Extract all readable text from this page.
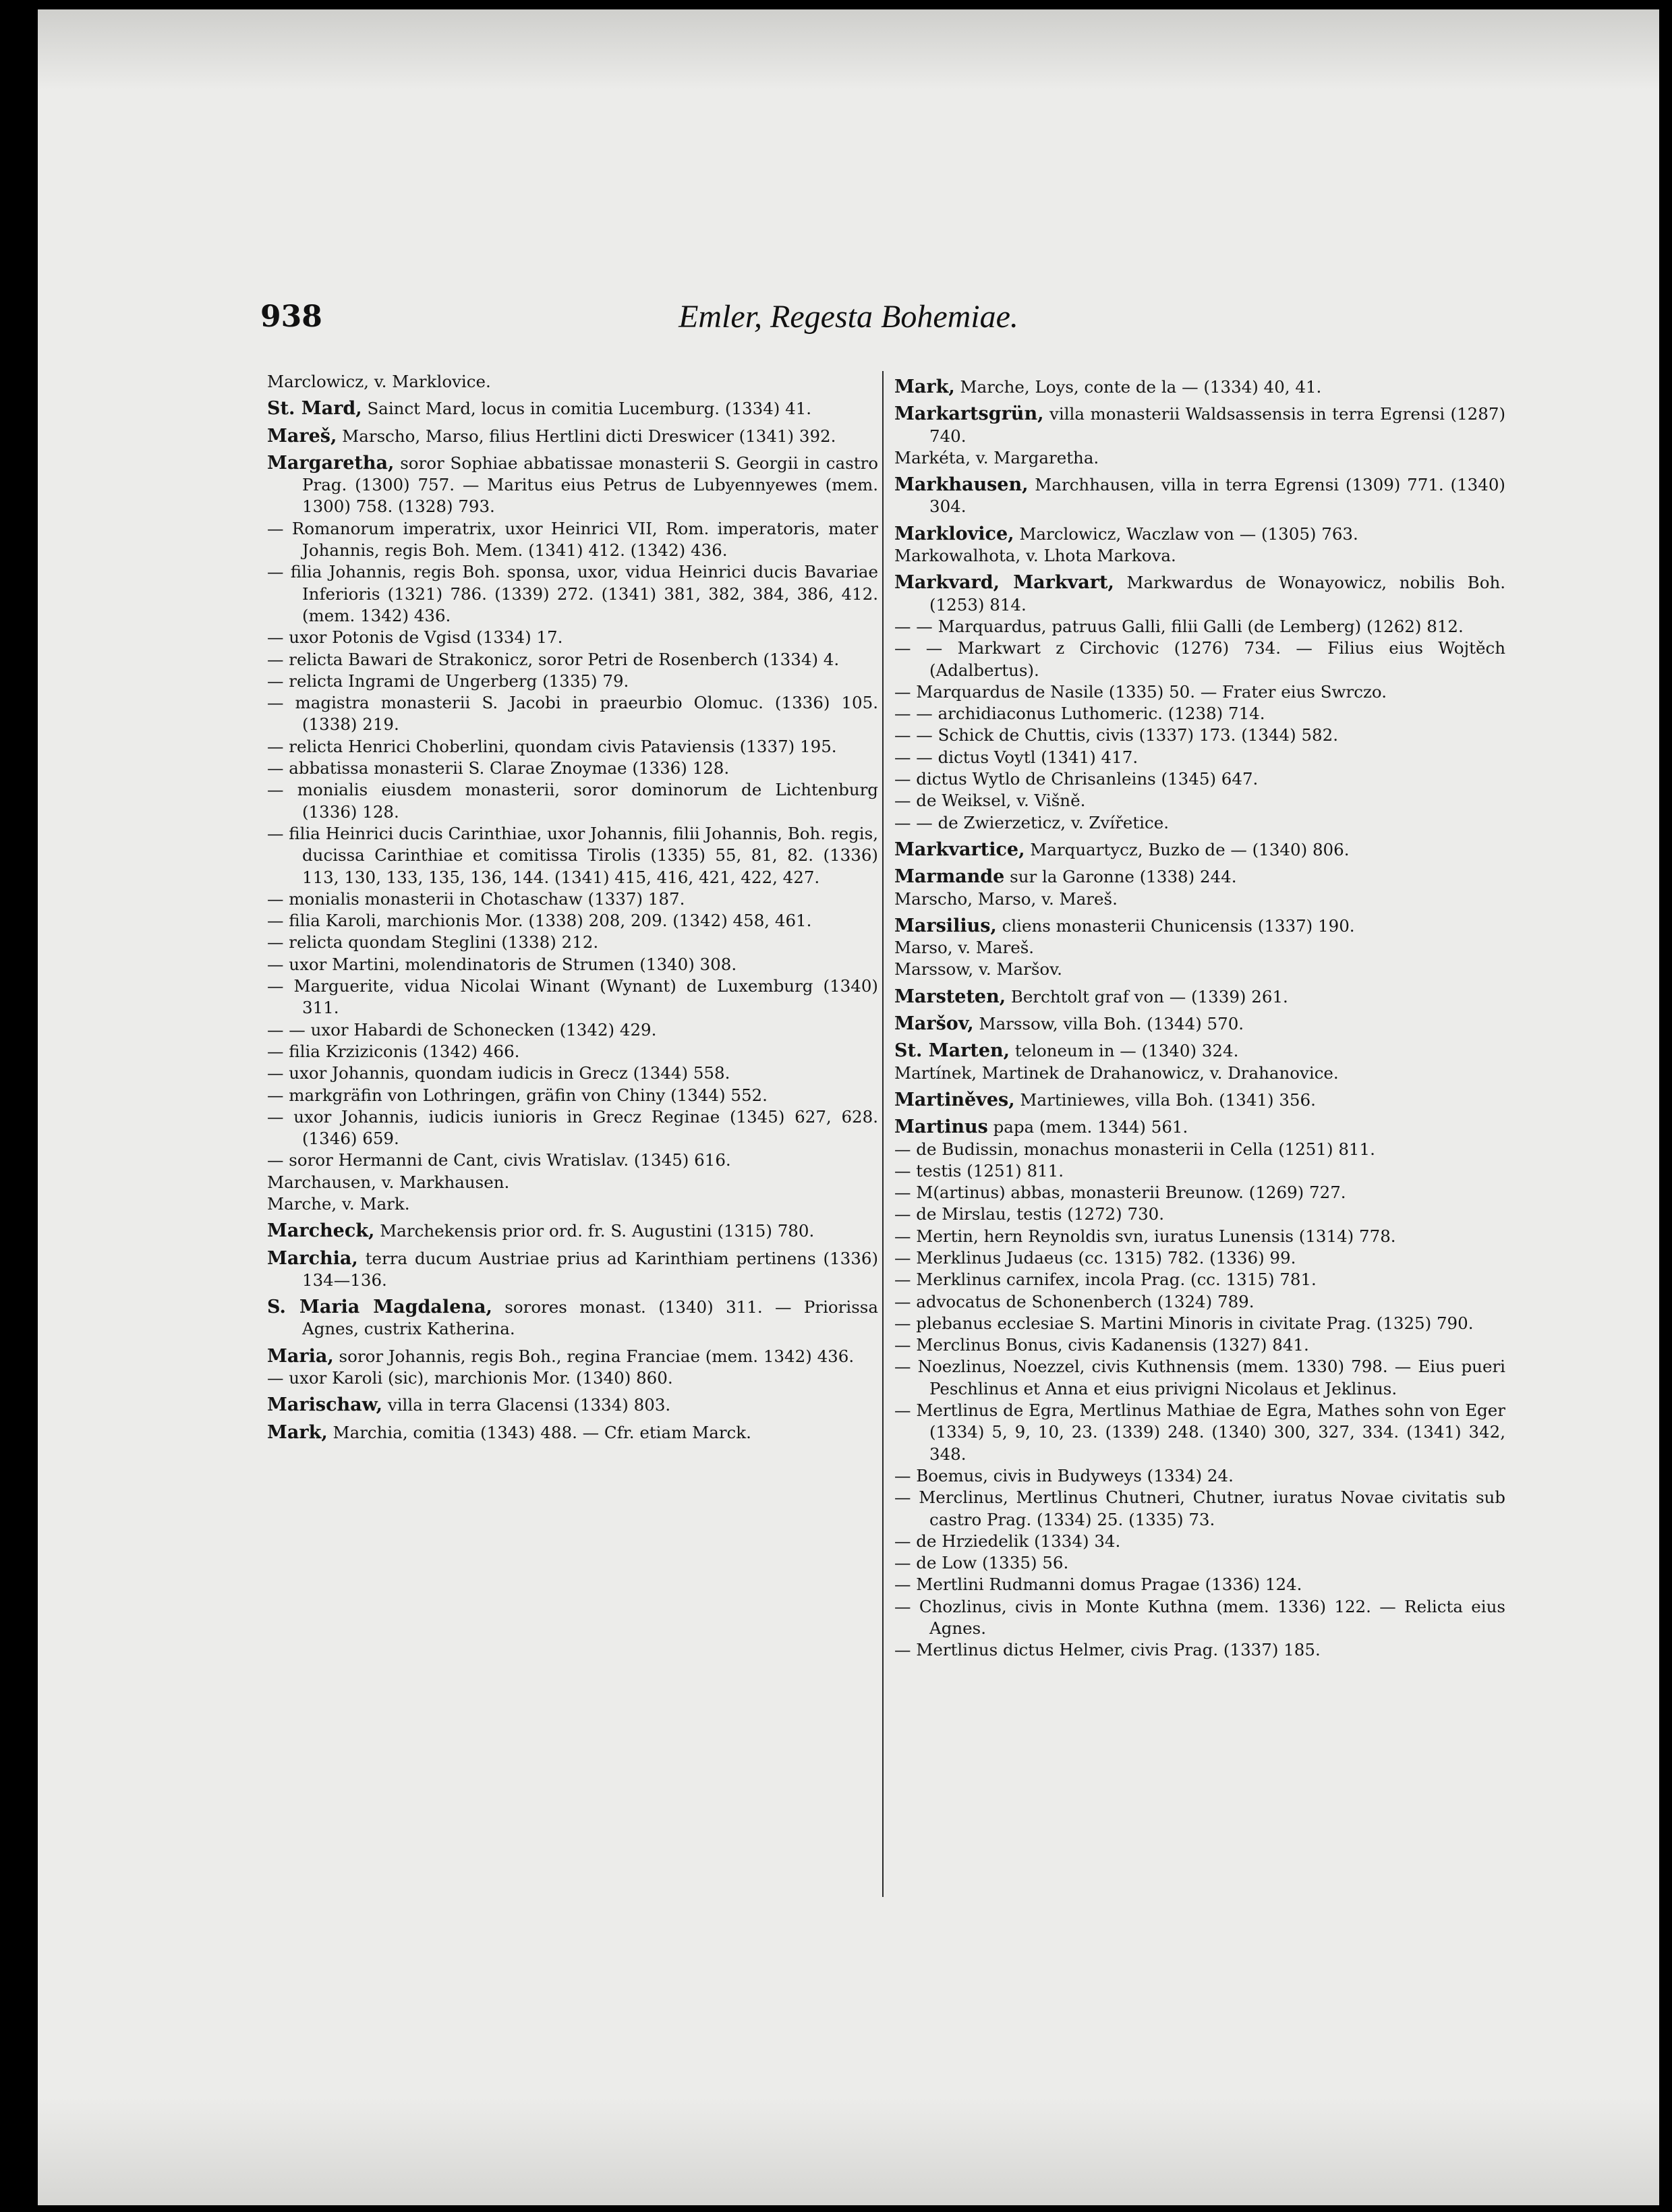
938	Emler, Regesta Bohemiae.

Marclowicz, v. Marklovice.

St. Mard, Sainct Mard, locus in comitia Lucemburg. (1334) 41.

Mareš, Marscho, Marso, filius Hertlini dicti Dreswicer (1341) 392.

Margaretha, soror Sophiae abbatissae monasterii S. Georgii in castro Prag. (1300) 757. — Maritus eius Petrus de Lubyennyewes (mem. 1300) 758. (1328) 793.

— Romanorum imperatrix, uxor Heinrici VII, Rom. imperatoris, mater Johannis, regis Boh. Mem. (1341) 412. (1342) 436.

— filia Johannis, regis Boh. sponsa, uxor, vidua Heinrici ducis Bavariae Inferioris (1321) 786. (1339) 272. (1341) 381, 382, 384, 386, 412. (mem. 1342) 436.

— uxor Potonis de Vgisd (1334) 17.

— relicta Bawari de Strakonicz, soror Petri de Rosenberch (1334) 4.

— relicta Ingrami de Ungerberg (1335) 79.

— magistra monasterii S. Jacobi in praeurbio Olomuc. (1336) 105. (1338) 219.

— relicta Henrici Choberlini, quondam civis Pataviensis (1337) 195.

— abbatissa monasterii S. Clarae Znoymae (1336) 128.

— monialis eiusdem monasterii, soror dominorum de Lichtenburg (1336) 128.

— filia Heinrici ducis Carinthiae, uxor Johannis, filii Johannis, Boh. regis, ducissa Carinthiae et comitissa Tirolis (1335) 55, 81, 82. (1336) 113, 130, 133, 135, 136, 144. (1341) 415, 416, 421, 422, 427.

— monialis monasterii in Chotaschaw (1337) 187.

— filia Karoli, marchionis Mor. (1338) 208, 209. (1342) 458, 461.

— relicta quondam Steglini (1338) 212.

— uxor Martini, molendinatoris de Strumen (1340) 308.

— Marguerite, vidua Nicolai Winant (Wynant) de Luxemburg (1340) 311.

— — uxor Habardi de Schonecken (1342) 429.

— filia Krziziconis (1342) 466.

— uxor Johannis, quondam iudicis in Grecz (1344) 558.

— markgräfin von Lothringen, gräfin von Chiny (1344) 552.

— uxor Johannis, iudicis iunioris in Grecz Reginae (1345) 627, 628. (1346) 659.

— soror Hermanni de Cant, civis Wratislav. (1345) 616.

Marchausen, v. Markhausen.

Marche, v. Mark.

Marcheck, Marchekensis prior ord. fr. S. Augustini (1315) 780.

Marchia, terra ducum Austriae prius ad Karinthiam pertinens (1336) 134—136.

S. Maria Magdalena, sorores monast. (1340) 311. — Priorissa Agnes, custrix Katherina.

Maria, soror Johannis, regis Boh., regina Franciae (mem. 1342) 436.

— uxor Karoli (sic), marchionis Mor. (1340) 860.

Marischaw, villa in terra Glacensi (1334) 803.

Mark, Marchia, comitia (1343) 488. — Cfr. etiam Marck.

Mark, Marche, Loys, conte de la — (1334) 40, 41.

Markartsgrün, villa monasterii Waldsassensis in terra Egrensi (1287) 740.

Markéta, v. Margaretha.

Markhausen, Marchhausen, villa in terra Egrensi (1309) 771. (1340) 304.

Marklovice, Marclowicz, Waczlaw von — (1305) 763.

Markowalhota, v. Lhota Markova.

Markvard, Markvart, Markwardus de Wonayowicz, nobilis Boh. (1253) 814.

— — Marquardus, patruus Galli, filii Galli (de Lemberg) (1262) 812.

— — Markwart z Circhovic (1276) 734. — Filius eius Wojtěch (Adalbertus).

— Marquardus de Nasile (1335) 50. — Frater eius Swrczo.

— — archidiaconus Luthomeric. (1238) 714.

— — Schick de Chuttis, civis (1337) 173. (1344) 582.

— — dictus Voytl (1341) 417.

— dictus Wytlo de Chrisanleins (1345) 647.

— de Weiksel, v. Višně.

— — de Zwierzeticz, v. Zvířetice.

Markvartice, Marquartycz, Buzko de — (1340) 806.

Marmande sur la Garonne (1338) 244.

Marscho, Marso, v. Mareš.

Marsilius, cliens monasterii Chunicensis (1337) 190.

Marso, v. Mareš.

Marssow, v. Maršov.

Marsteten, Berchtolt graf von — (1339) 261.

Maršov, Marssow, villa Boh. (1344) 570.

St. Marten, teloneum in — (1340) 324.

Martínek, Martinek de Drahanowicz, v. Drahanovice.

Martiněves, Martiniewes, villa Boh. (1341) 356.

Martinus papa (mem. 1344) 561.

— de Budissin, monachus monasterii in Cella (1251) 811.

— testis (1251) 811.

— M(artinus) abbas, monasterii Breunow. (1269) 727.

— de Mirslau, testis (1272) 730.

— Mertin, hern Reynoldis svn, iuratus Lunensis (1314) 778.

— Merklinus Judaeus (cc. 1315) 782. (1336) 99.

— Merklinus carnifex, incola Prag. (cc. 1315) 781.

— advocatus de Schonenberch (1324) 789.

— plebanus ecclesiae S. Martini Minoris in civitate Prag. (1325) 790.

— Merclinus Bonus, civis Kadanensis (1327) 841.

— Noezlinus, Noezzel, civis Kuthnensis (mem. 1330) 798. — Eius pueri Peschlinus et Anna et eius privigni Nicolaus et Jeklinus.

— Mertlinus de Egra, Mertlinus Mathiae de Egra, Mathes sohn von Eger (1334) 5, 9, 10, 23. (1339) 248. (1340) 300, 327, 334. (1341) 342, 348.

— Boemus, civis in Budyweys (1334) 24.

— Merclinus, Mertlinus Chutneri, Chutner, iuratus Novae civitatis sub castro Prag. (1334) 25. (1335) 73.

— de Hrziedelik (1334) 34.

— de Low (1335) 56.

— Mertlini Rudmanni domus Pragae (1336) 124.

— Chozlinus, civis in Monte Kuthna (mem. 1336) 122. — Relicta eius Agnes.

— Mertlinus dictus Helmer, civis Prag. (1337) 185.
